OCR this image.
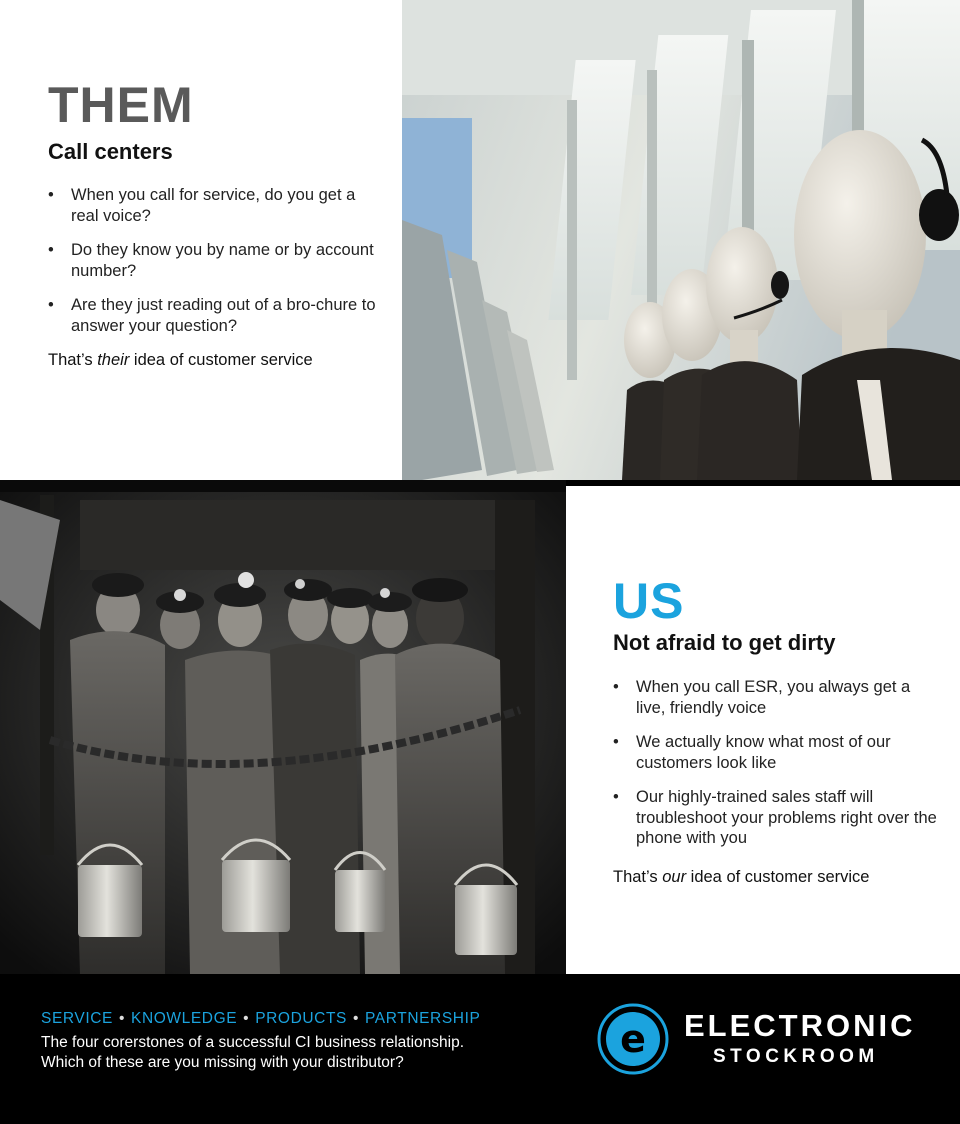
THEM
Call centers
• When you call for service, do you get a real voice?
• Do they know you by name or by account number?
• Are they just reading out of a bro-chure to answer your question?

That’s their idea of customer service

US
Not afraid to get dirty
• When you call ESR, you always get a live, friendly voice
• We actually know what most of our customers look like
• Our highly-trained sales staff will troubleshoot your problems right over the phone with you

That’s our idea of customer service

SERVICE • KNOWLEDGE • PRODUCTS • PARTNERSHIP

The four corerstones of a successful CI business relationship.

Which of these are you missing with your distributor?

e ELECTRONIC
STOCKROOM
